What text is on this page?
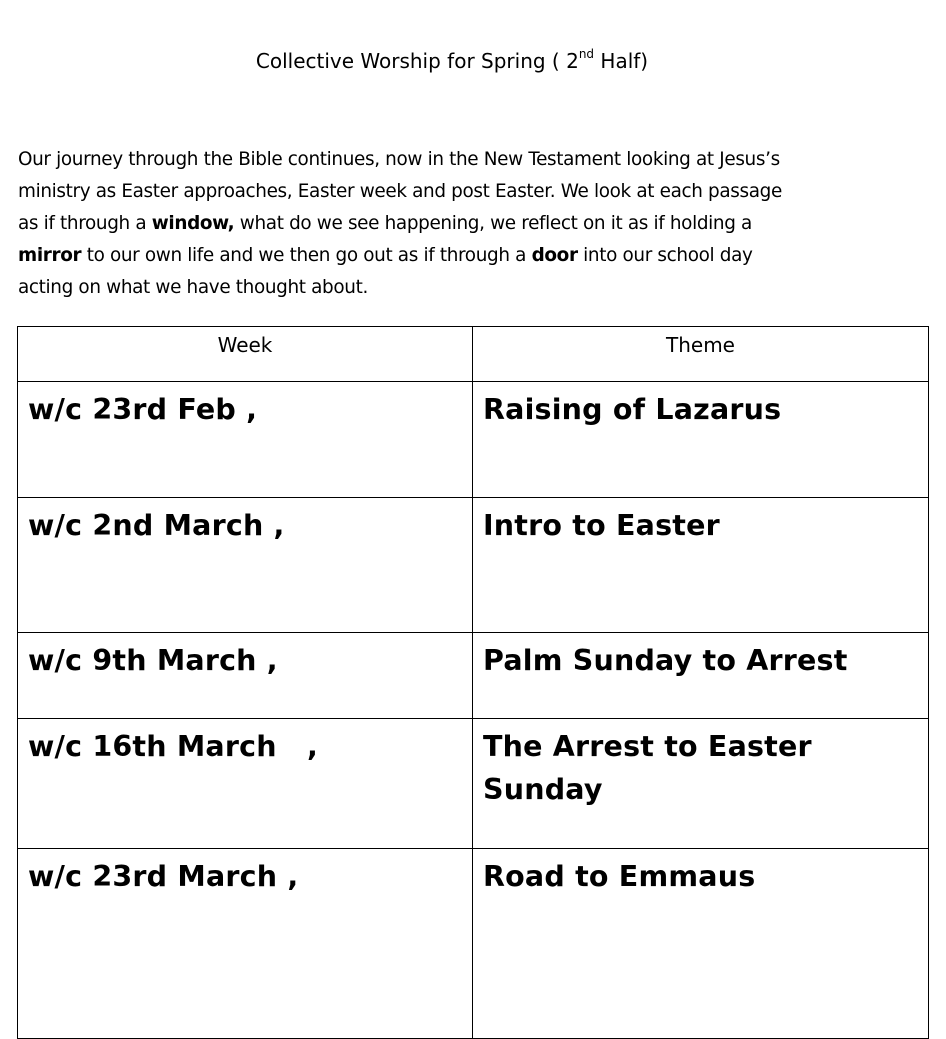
Collective Worship for Spring ( 2nd Half)
Our journey through the Bible continues, now in the New Testament looking at Jesus’s
ministry as Easter approaches, Easter week and post Easter. We look at each passage
as if through a window, what do we see happening, we reflect on it as if holding a
mirror to our own life and we then go out as if through a door into our school day
acting on what we have thought about.
Week	Theme
w/c 23rd Feb ,	Raising of Lazarus
w/c 2nd March ,	Intro to Easter
w/c 9th March ,	Palm Sunday to Arrest
w/c 16th March   ,	The Arrest to Easter Sunday
w/c 23rd March ,	Road to Emmaus
